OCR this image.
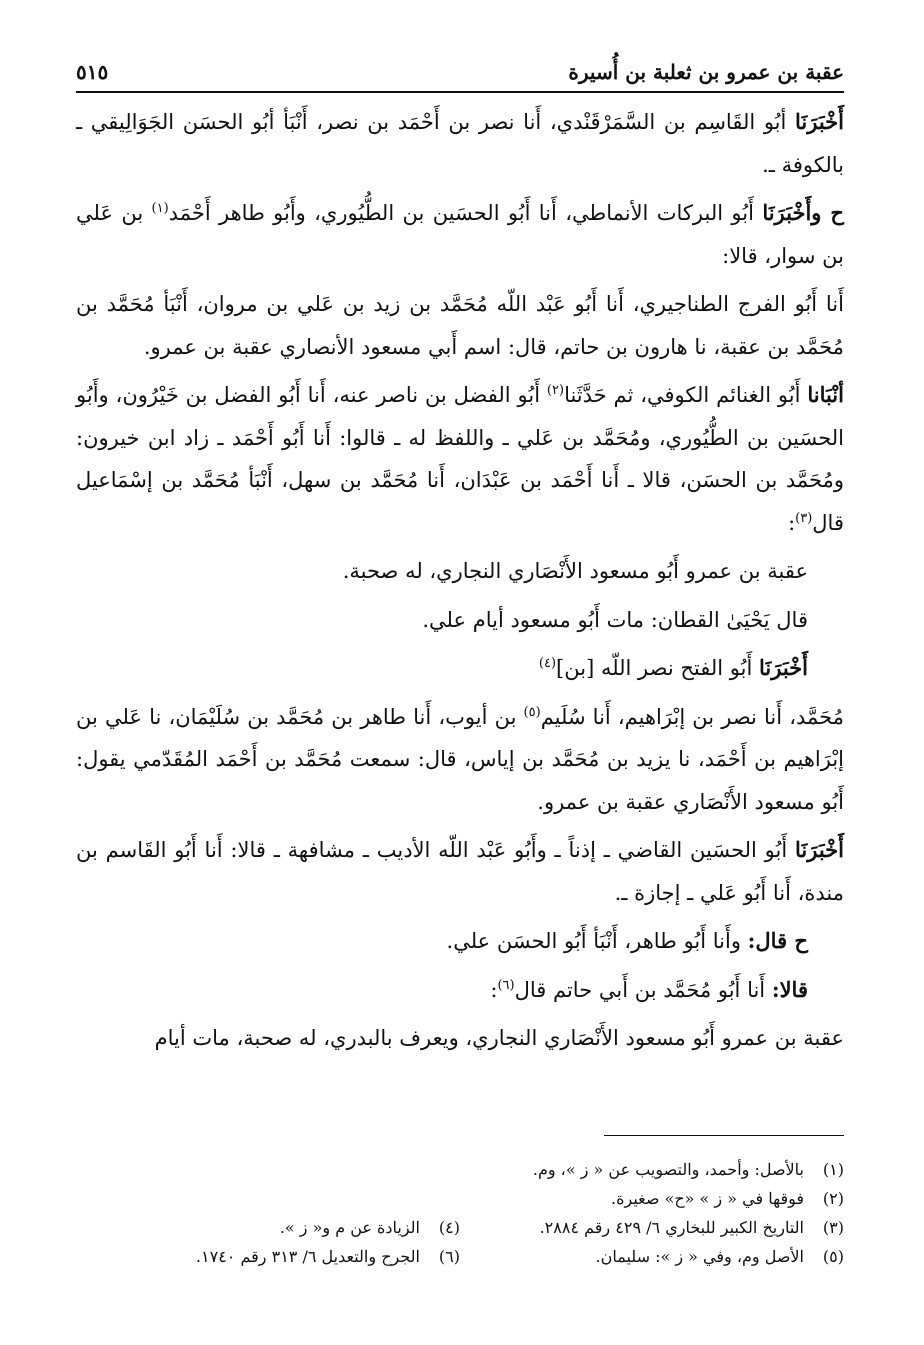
عقبة بن عمرو بن ثعلبة بن أُسيرة
٥١٥

أَخْبَرَنَا أبُو القَاسِم بن السَّمَرْقَنْدي، أَنا نصر بن أَحْمَد بن نصر، أَنْبَأ أبُو الحسَن الجَوَالِيقي ـ بالكوفة ـ.

ح وأَخْبَرَنَا أَبُو البركات الأنماطي، أَنا أَبُو الحسَين بن الطُّيُوري، وأَبُو طاهر أَحْمَد$^{(١)}$ بن عَلي بن سوار، قالا:

أَنا أَبُو الفرج الطناجيري، أَنا أَبُو عَبْد اللّه مُحَمَّد بن زيد بن عَلي بن مروان، أَنْبَأ مُحَمَّد بن مُحَمَّد بن عقبة، نا هارون بن حاتم، قال: اسم أَبي مسعود الأنصاري عقبة بن عمرو.

أنْبَانا أَبُو الغنائم الكوفي، ثم حَدَّثَنا$^{(٢)}$ أَبُو الفضل بن ناصر عنه، أَنا أَبُو الفضل بن خَيْرُون، وأَبُو الحسَين بن الطُّيُوري، ومُحَمَّد بن عَلي ـ واللفظ له ـ قالوا: أَنا أَبُو أَحْمَد ـ زاد ابن خيرون: ومُحَمَّد بن الحسَن، قالا ـ أَنا أَحْمَد بن عَبْدَان، أَنا مُحَمَّد بن سهل، أَنْبَأ مُحَمَّد بن إسْمَاعيل قال$^{(٣)}$:

عقبة بن عمرو أَبُو مسعود الأَنْصَاري النجاري، له صحبة.

قال يَحْيَىٰ القطان: مات أَبُو مسعود أيام علي.

أَخْبَرَنَا أَبُو الفتح نصر اللّه [بن]$^{(٤)}$

مُحَمَّد، أَنا نصر بن إبْرَاهيم، أَنا سُلَيم$^{(٥)}$ بن أيوب، أَنا طاهر بن مُحَمَّد بن سُلَيْمَان، نا عَلي بن إبْرَاهيم بن أَحْمَد، نا يزيد بن مُحَمَّد بن إياس، قال: سمعت مُحَمَّد بن أَحْمَد المُقَدّمي يقول: أَبُو مسعود الأَنْصَاري عقبة بن عمرو.

أَخْبَرَنَا أَبُو الحسَين القاضي ـ إذناً ـ وأَبُو عَبْد اللّه الأديب ـ مشافهة ـ قالا: أَنا أَبُو القَاسم بن مندة، أَنا أَبُو عَلي ـ إجازة ـ.

ح قال: وأَنا أَبُو طاهر، أَنْبَأ أَبُو الحسَن علي.

قالا: أَنا أَبُو مُحَمَّد بن أَبي حاتم قال$^{(٦)}$:

عقبة بن عمرو أَبُو مسعود الأَنْصَاري النجاري، ويعرف بالبدري، له صحبة، مات أيام

(١)
بالأصل: وأحمد، والتصويب عن « ز »، وم.
(٢)
فوقها في « ز » «ح» صغيرة.
(٣)
التاريخ الكبير للبخاري ٦/ ٤٢٩ رقم ٢٨٨٤.
(٤)
الزيادة عن م و« ز ».
(٥)
الأصل وم، وفي « ز »: سليمان.
(٦)
الجرح والتعديل ٦/ ٣١٣ رقم ١٧٤٠.
